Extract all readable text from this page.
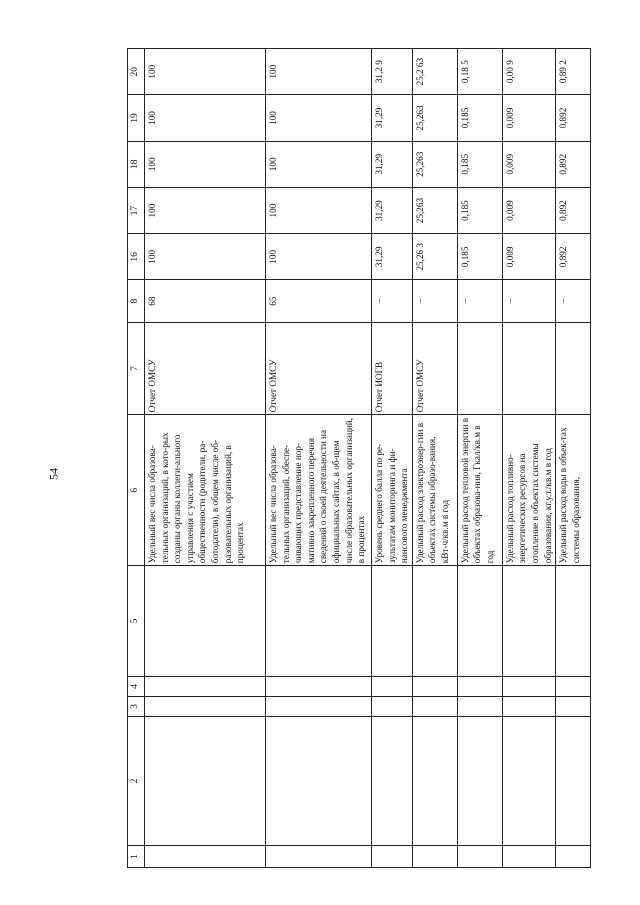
54
1	2	3	4	5	6	7	8	16	17	18	19	20
					Удельный вес числа образова-тельных организаций, в кото-рых созданы органы коллеги-ального управления с участием общественности (родители, ра-ботодатели), в общем числе об-разовательных организаций, в процентах	Отчет ОМСУ	68	100	100	100	100	100
					Удельный вес числа образова-тельных организаций, обеспе-чивающих представление нор-мативно закрепленного перечня сведений о своей деятельности на официальных сайтах, в об-щем числе образовательных организаций, в процентах	Отчет ОМСУ	65	100	100	100	100	100
					Уровень среднего балла по ре-зультатам мониторинга и фи-нансового менеджмента	Отчет ИОГВ	–	31,29	31,29	31,29	31,29	31,2 9
					Удельный расход электроэнер-гии в объектах системы образо-вания, кВт-ч/кв.м в год	Отчет ОМСУ	–	25,26 3	25,263	25,263	25,263	25,2 63
					Удельный расход тепловой энергии в объектах образова-ния, Гкал/кв.м в год		–	0,185	0,185	0,185	0,185	0,18 5
					Удельный расход топливно-энергетических ресурсов на отопление в объектах системы образования, кг.у.т./кв.м в год		–	0,009	0,009	0,009	0,009	0,00 9
					Удельный расход воды в объек-тах системы образования,		–	0,892	0,892	0,892	0,892	0,89 2
